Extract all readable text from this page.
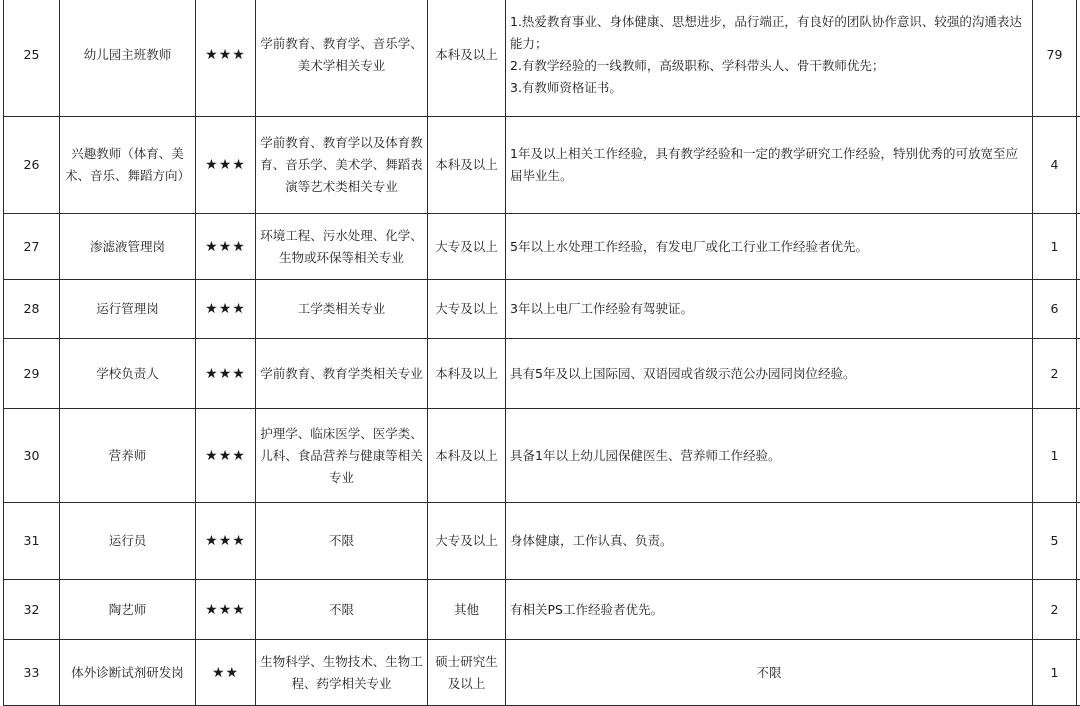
25	幼儿园主班教师	★★★	学前教育、教育学、音乐学、美术学相关专业	本科及以上	1.热爱教育事业、身体健康、思想进步，品行端正，有良好的团队协作意识、较强的沟通表达能力；
2.有教学经验的一线教师，高级职称、学科带头人、骨干教师优先；
3.有教师资格证书。	79	
26	兴趣教师（体育、美术、音乐、舞蹈方向）	★★★	学前教育、教育学以及体育教育、音乐学、美术学、舞蹈表演等艺术类相关专业	本科及以上	1年及以上相关工作经验，具有教学经验和一定的教学研究工作经验，特别优秀的可放宽至应届毕业生。	4	
27	渗滤液管理岗	★★★	环境工程、污水处理、化学、生物或环保等相关专业	大专及以上	5年以上水处理工作经验，有发电厂或化工行业工作经验者优先。	1	
28	运行管理岗	★★★	工学类相关专业	大专及以上	3年以上电厂工作经验有驾驶证。	6	
29	学校负责人	★★★	学前教育、教育学类相关专业	本科及以上	具有5年及以上国际园、双语园或省级示范公办园同岗位经验。	2	
30	营养师	★★★	护理学、临床医学、医学类、儿科、食品营养与健康等相关专业	本科及以上	具备1年以上幼儿园保健医生、营养师工作经验。	1	
31	运行员	★★★	不限	大专及以上	身体健康，工作认真、负责。	5	
32	陶艺师	★★★	不限	其他	有相关PS工作经验者优先。	2	
33	体外诊断试剂研发岗	★★	生物科学、生物技术、生物工程、药学相关专业	硕士研究生及以上	不限	1	
